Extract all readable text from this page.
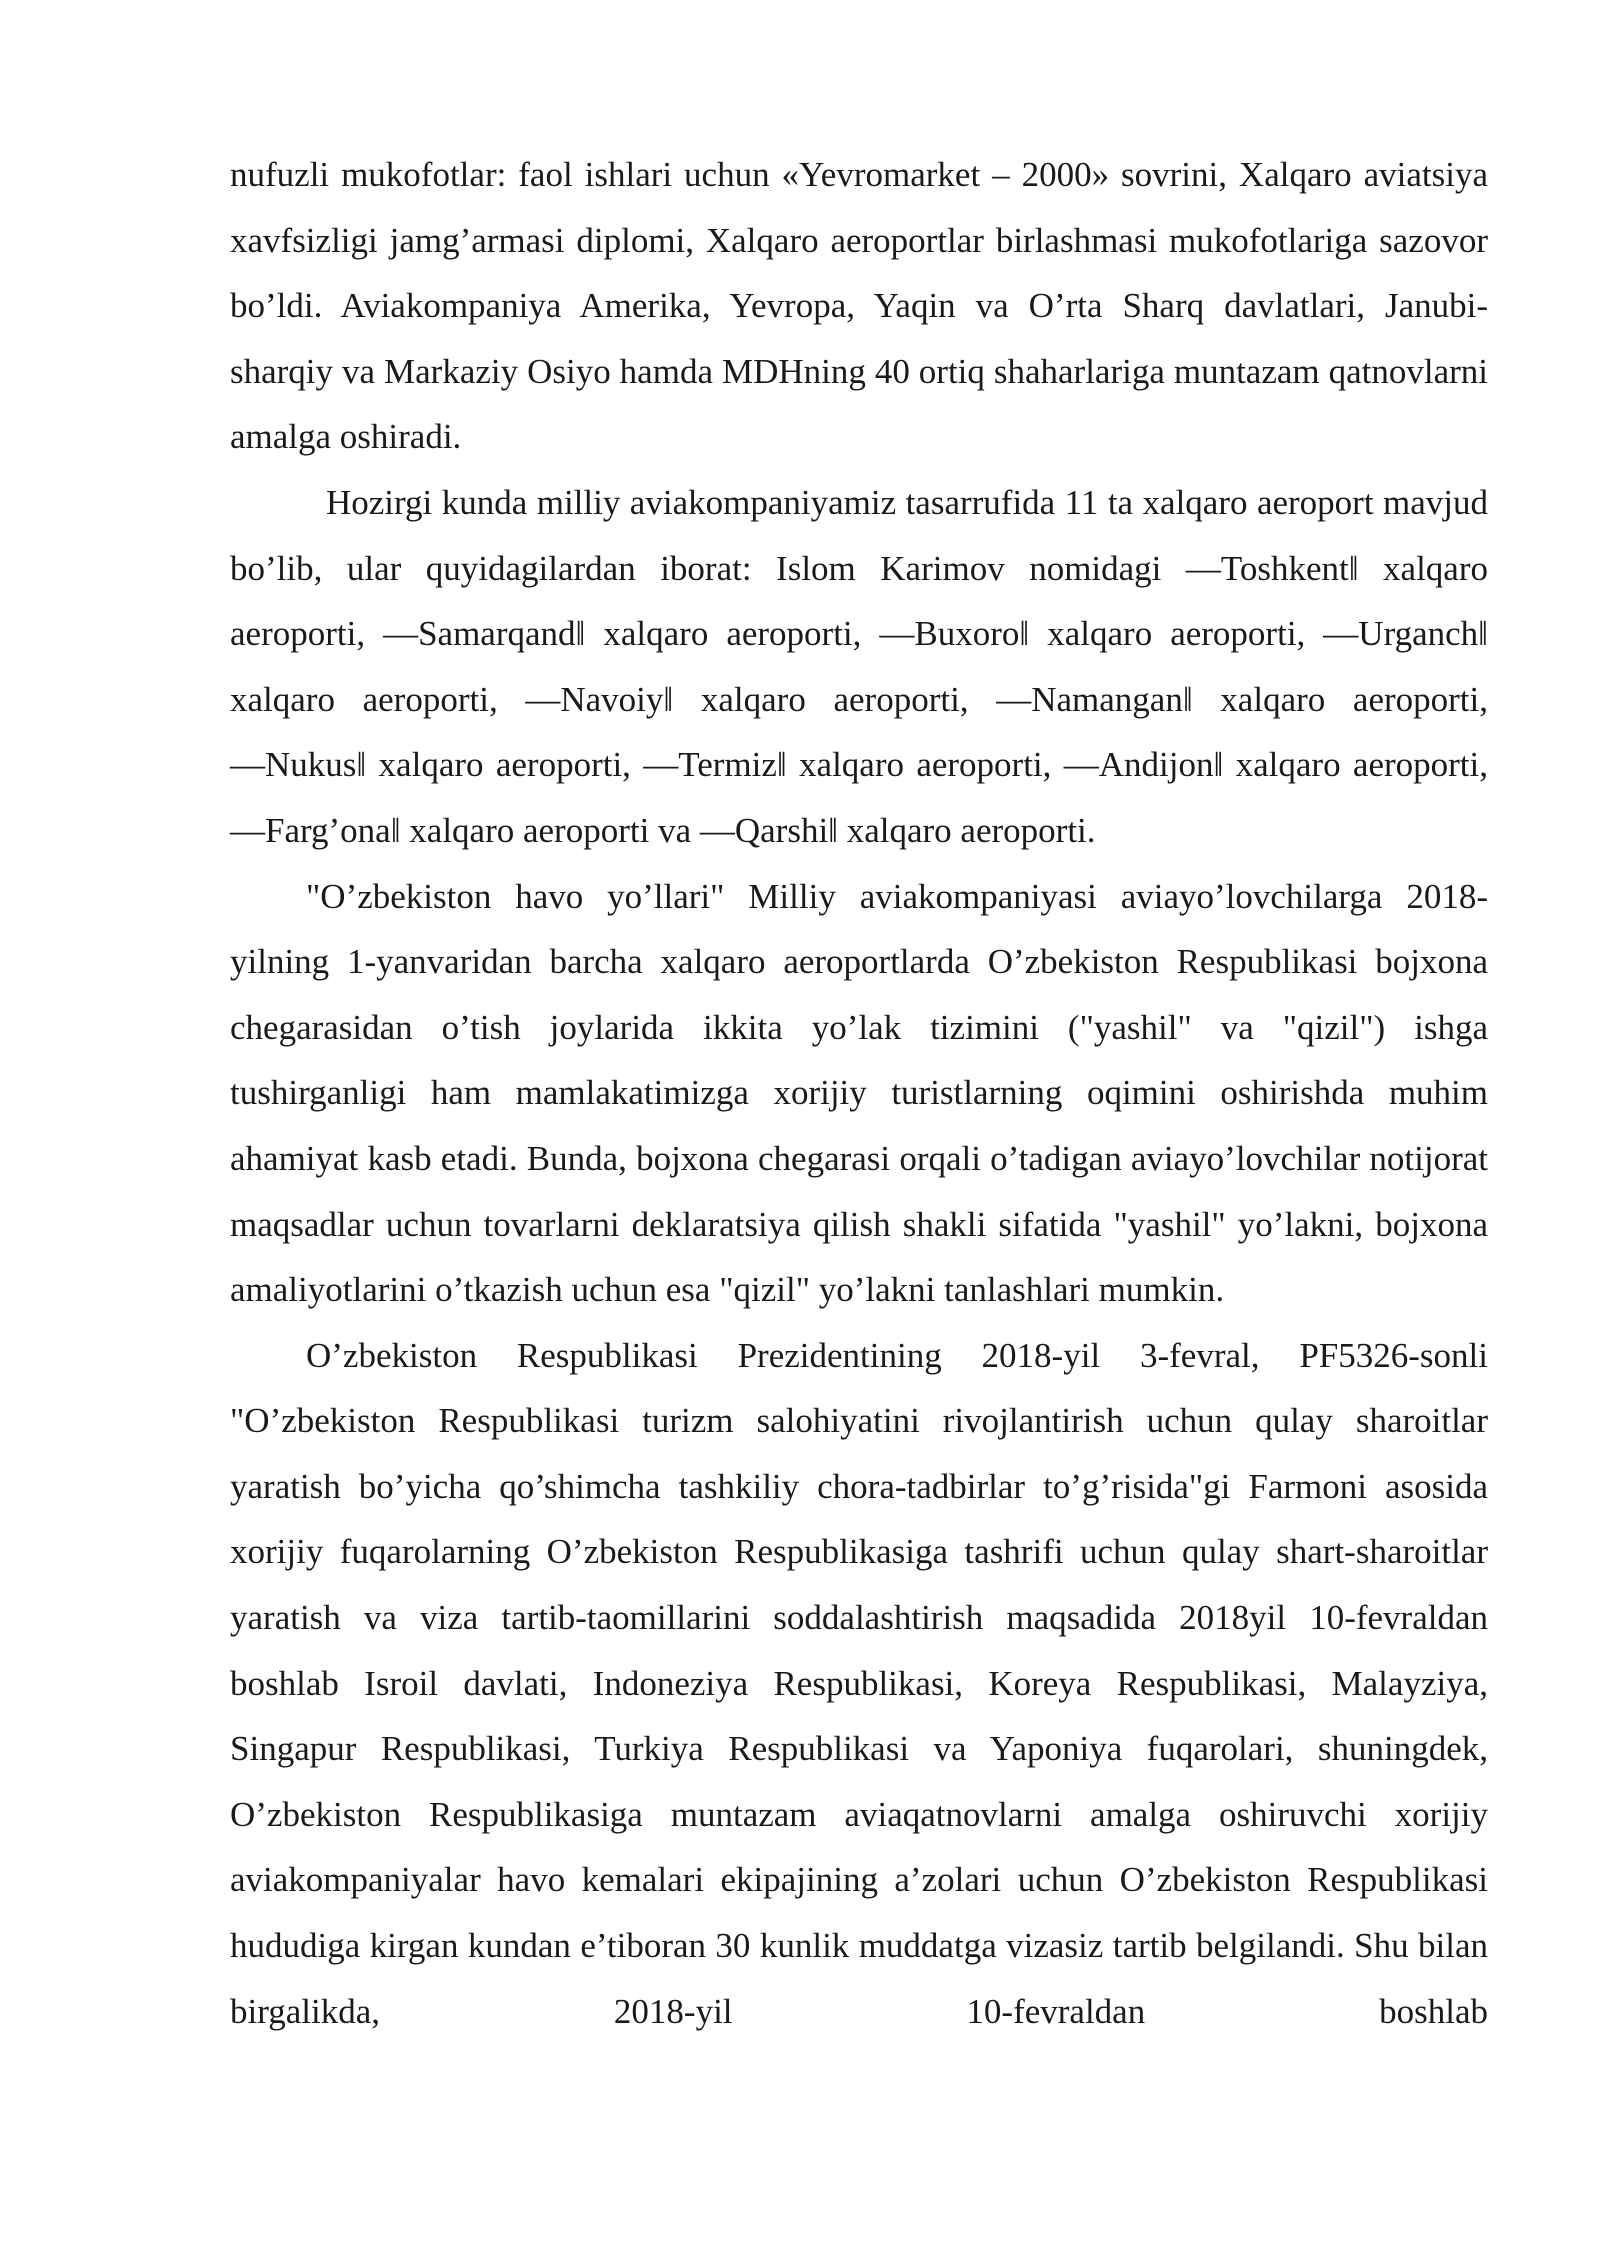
nufuzli mukofotlar: faol ishlari uchun «Yevromarket – 2000» sovrini, Xalqaro aviatsiya xavfsizligi jamg’armasi diplomi, Xalqaro aeroportlar birlashmasi mukofotlariga sazovor bo’ldi. Aviakompaniya Amerika, Yevropa, Yaqin va O’rta Sharq davlatlari, Janubi-sharqiy va Markaziy Osiyo hamda MDHning 40 ortiq shaharlariga muntazam qatnovlarni amalga oshiradi.

Hozirgi kunda milliy aviakompaniyamiz tasarrufida 11 ta xalqaro aeroport mavjud bo’lib, ular quyidagilardan iborat: Islom Karimov nomidagi ―Toshkent‖ xalqaro aeroporti, ―Samarqand‖ xalqaro aeroporti, ―Buxoro‖ xalqaro aeroporti, ―Urganch‖ xalqaro aeroporti, ―Navoiy‖ xalqaro aeroporti, ―Namangan‖ xalqaro aeroporti, ―Nukus‖ xalqaro aeroporti, ―Termiz‖ xalqaro aeroporti, ―Andijon‖ xalqaro aeroporti, ―Farg’ona‖ xalqaro aeroporti va ―Qarshi‖ xalqaro aeroporti.

"O’zbekiston havo yo’llari" Milliy aviakompaniyasi aviayo’lovchilarga 2018-yilning 1-yanvaridan barcha xalqaro aeroportlarda O’zbekiston Respublikasi bojxona chegarasidan o’tish joylarida ikkita yo’lak tizimini ("yashil" va "qizil") ishga tushirganligi ham mamlakatimizga xorijiy turistlarning oqimini oshirishda muhim ahamiyat kasb etadi. Bunda, bojxona chegarasi orqali o’tadigan aviayo’lovchilar notijorat maqsadlar uchun tovarlarni deklaratsiya qilish shakli sifatida "yashil" yo’lakni, bojxona amaliyotlarini o’tkazish uchun esa "qizil" yo’lakni tanlashlari mumkin.

O’zbekiston Respublikasi Prezidentining 2018-yil 3-fevral, PF5326-sonli "O’zbekiston Respublikasi turizm salohiyatini rivojlantirish uchun qulay sharoitlar yaratish bo’yicha qo’shimcha tashkiliy chora-tadbirlar to’g’risida"gi Farmoni asosida xorijiy fuqarolarning O’zbekiston Respublikasiga tashrifi uchun qulay shart-sharoitlar yaratish va viza tartib-taomillarini soddalashtirish maqsadida 2018yil 10-fevraldan boshlab Isroil davlati, Indoneziya Respublikasi, Koreya Respublikasi, Malayziya, Singapur Respublikasi, Turkiya Respublikasi va Yaponiya fuqarolari, shuningdek, O’zbekiston Respublikasiga muntazam aviaqatnovlarni amalga oshiruvchi xorijiy aviakompaniyalar havo kemalari ekipajining a’zolari uchun O’zbekiston Respublikasi hududiga kirgan kundan e’tiboran 30 kunlik muddatga vizasiz tartib belgilandi. Shu bilan birgalikda, 2018-yil 10-fevraldan boshlab
